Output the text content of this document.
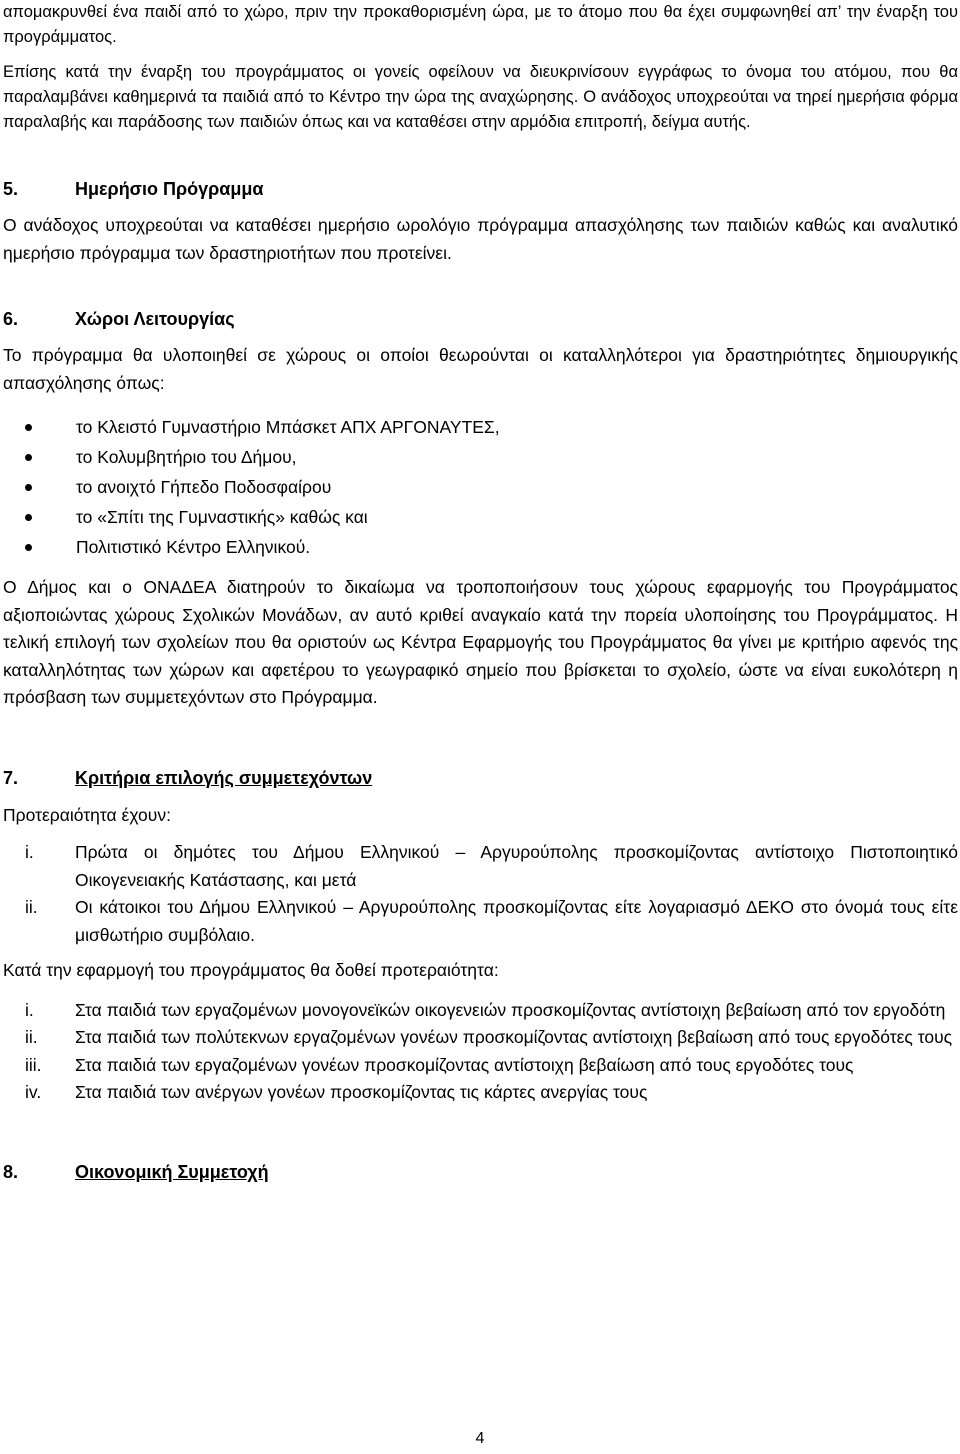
απομακρυνθεί ένα παιδί από το χώρο, πριν την προκαθορισμένη ώρα, με το άτομο που θα έχει συμφωνηθεί απ’ την έναρξη του προγράμματος.

Επίσης κατά την έναρξη του προγράμματος οι γονείς οφείλουν να διευκρινίσουν εγγράφως το όνομα του ατόμου, που θα παραλαμβάνει καθημερινά τα παιδιά από το Κέντρο την ώρα της αναχώρησης. Ο ανάδοχος υποχρεούται να τηρεί ημερήσια φόρμα παραλαβής και παράδοσης των παιδιών όπως και να καταθέσει στην αρμόδια επιτροπή, δείγμα αυτής.

5.	Ημερήσιο Πρόγραμμα

Ο ανάδοχος υποχρεούται να καταθέσει ημερήσιο ωρολόγιο πρόγραμμα απασχόλησης των παιδιών καθώς και αναλυτικό ημερήσιο πρόγραμμα των δραστηριοτήτων που προτείνει.

6.	Χώροι Λειτουργίας

Το πρόγραμμα θα υλοποιηθεί σε χώρους οι οποίοι θεωρούνται οι καταλληλότεροι για δραστηριότητες δημιουργικής απασχόλησης όπως:

το Κλειστό Γυμναστήριο Μπάσκετ ΑΠΧ ΑΡΓΟΝΑΥΤΕΣ,
το Κολυμβητήριο του Δήμου,
το ανοιχτό Γήπεδο Ποδοσφαίρου
το «Σπίτι της Γυμναστικής» καθώς και
Πολιτιστικό Κέντρο Ελληνικού.

Ο Δήμος και ο ΟΝΑΔΕΑ διατηρούν το δικαίωμα να τροποποιήσουν τους χώρους εφαρμογής του Προγράμματος αξιοποιώντας χώρους Σχολικών Μονάδων, αν αυτό κριθεί αναγκαίο κατά την πορεία υλοποίησης του Προγράμματος. Η τελική επιλογή των σχολείων που θα οριστούν ως Κέντρα Εφαρμογής του Προγράμματος θα γίνει με κριτήριο αφενός της καταλληλότητας των χώρων και αφετέρου το γεωγραφικό σημείο που βρίσκεται το σχολείο, ώστε να είναι ευκολότερη η πρόσβαση των συμμετεχόντων στο Πρόγραμμα.

7.	Κριτήρια επιλογής συμμετεχόντων

Προτεραιότητα έχουν:

i.	Πρώτα οι δημότες του Δήμου Ελληνικού – Αργυρούπολης προσκομίζοντας αντίστοιχο Πιστοποιητικό Οικογενειακής Κατάστασης, και μετά
ii.	Οι κάτοικοι του Δήμου Ελληνικού – Αργυρούπολης προσκομίζοντας είτε λογαριασμό ΔΕΚΟ στο όνομά τους είτε μισθωτήριο συμβόλαιο.

Κατά την εφαρμογή του προγράμματος θα δοθεί προτεραιότητα:

i.	Στα παιδιά των εργαζομένων μονογονεϊκών οικογενειών προσκομίζοντας αντίστοιχη βεβαίωση από τον εργοδότη
ii.	Στα παιδιά των πολύτεκνων εργαζομένων γονέων προσκομίζοντας αντίστοιχη βεβαίωση από τους εργοδότες τους
iii.	Στα παιδιά των εργαζομένων γονέων προσκομίζοντας αντίστοιχη βεβαίωση από τους εργοδότες τους
iv.	Στα παιδιά των ανέργων γονέων προσκομίζοντας τις κάρτες ανεργίας τους
8.	Οικονομική Συμμετοχή
4
